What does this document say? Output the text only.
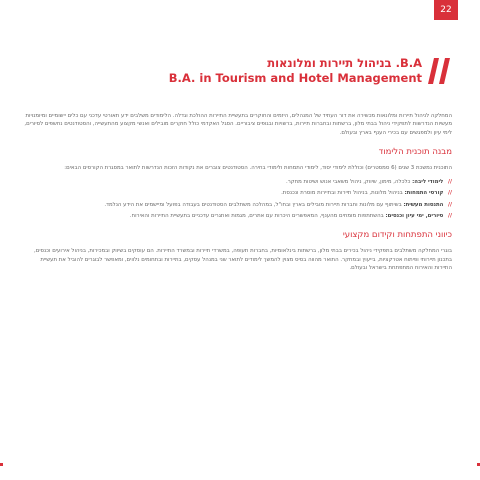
22
B.A. בניהול תיירות ומלונאות
B.A. in Tourism and Hotel Management

המחלקה לניהול תיירות ומלונאות מכשירה את דור העתיד של המנהלים, היזמים והחוקרים בתעשיית התיירות ההולכת וגדלה. הלימודים משלבים ידע תאורטי עדכני עם כלים יישומיים ומיומנויות מעשיות הנדרשות לתפקידי ניהול בבתי מלון, ברשתות ובחברות תיירות, ברשויות ובגופים ציבוריים. הסגל האקדמי כולל חוקרים מובילים ואנשי מקצוע מהתעשייה, והסטודנטים נחשפים לסיורים, לימי עיון ולמפגשים עם בכירי הענף בארץ ובעולם.

מבנה תוכנית הלימוד

התוכנית נמשכת 3 שנים (6 סמסטרים) וכוללת לימודי יסוד, לימודי התמחות ולימודי בחירה. הסטודנטים צוברים את נקודות הזכות הנדרשות לתואר במסגרת הקורסים הבאים:

// לימודי ליבה: כלכלה, מימון, שיווק, ניהול משאבי אנוש ושיטות מחקר.
// קורסי התמחות: בניהול מלונות, בניהול תיירות ובתיירות מוסרת ונכנסת.
// התנסות מעשית: בשיתוף עם מלונות וחברות תיירות מובילים בארץ ובחו"ל, במהלכה משתלבים הסטודנטים בעבודה בפועל ומיישמים את הידע הנלמד.
// סיורים, ימי עיון וכנסים: בהשתתפות מומחים מהענף, המאפשרים היכרות עם אתרים, מגמות ואתגרים עדכניים בתעשיית התיירות והאירוח.
כיווני התפתחות וקידום מקצועי

בוגרי המחלקה משתלבים בתפקידי ניהול בכירים בבתי מלון, ברשתות בינלאומיות, בחברות תעופה, במשרדי תיירות ובמשרד התיירות. הם עוסקים בשיווק ובמכירות, בניהול אירועים וכנסים, בתכנון תיירותי ופיתוח אטרקציות, בייעוץ ובמחקר. התואר מהווה בסיס מצוין להמשך לימודים לתואר שני במנהל עסקים, בתיירות ובתחומים נלווים, ומאפשר לבוגרים להוביל את תעשיית התיירות והאירוח המתפתחת בישראל ובעולם.
